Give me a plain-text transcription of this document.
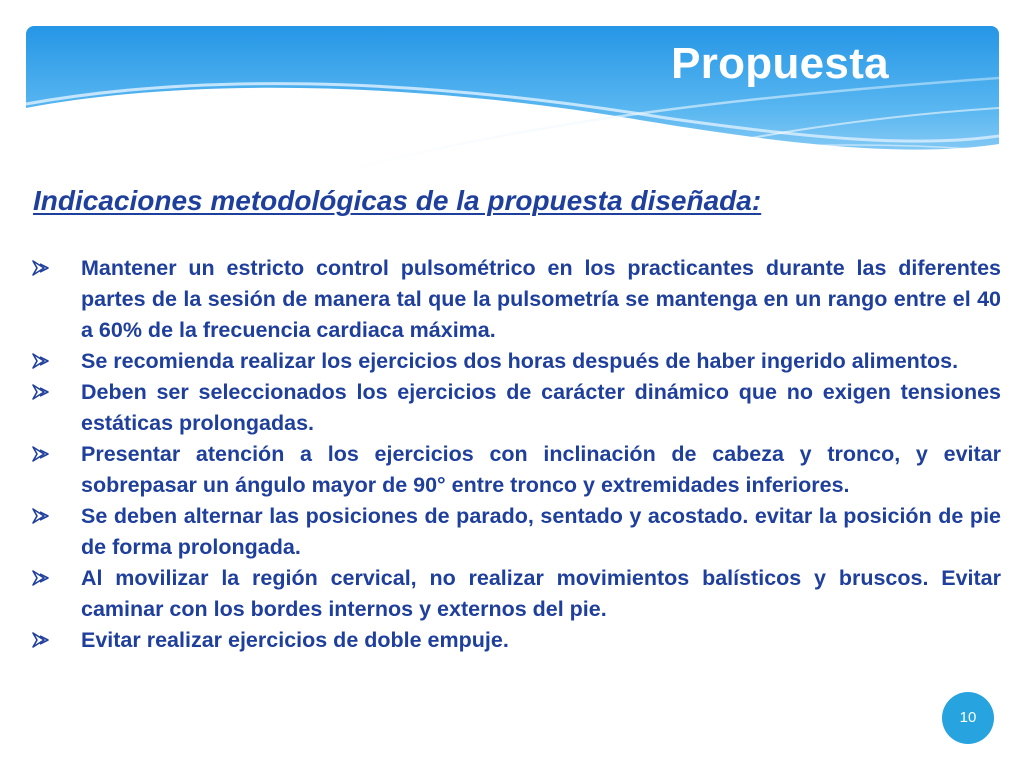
Propuesta
Indicaciones metodológicas de la propuesta diseñada:
Mantener un estricto control pulsométrico en los practicantes durante las diferentes partes de la sesión de manera tal que la pulsometría se mantenga en un rango entre el 40 a 60% de la frecuencia cardiaca máxima.
Se recomienda realizar los ejercicios dos horas después de haber ingerido alimentos.
Deben ser seleccionados los ejercicios de carácter dinámico que no exigen tensiones estáticas prolongadas.
Presentar atención a los ejercicios con inclinación de cabeza y tronco, y evitar sobrepasar un ángulo mayor de 90° entre tronco y extremidades inferiores.
Se deben alternar las posiciones de parado, sentado y acostado. evitar la posición de pie de forma prolongada.
Al movilizar la región cervical, no realizar movimientos balísticos y bruscos. Evitar caminar con los bordes internos y externos del pie.
Evitar realizar ejercicios de doble empuje.
10
